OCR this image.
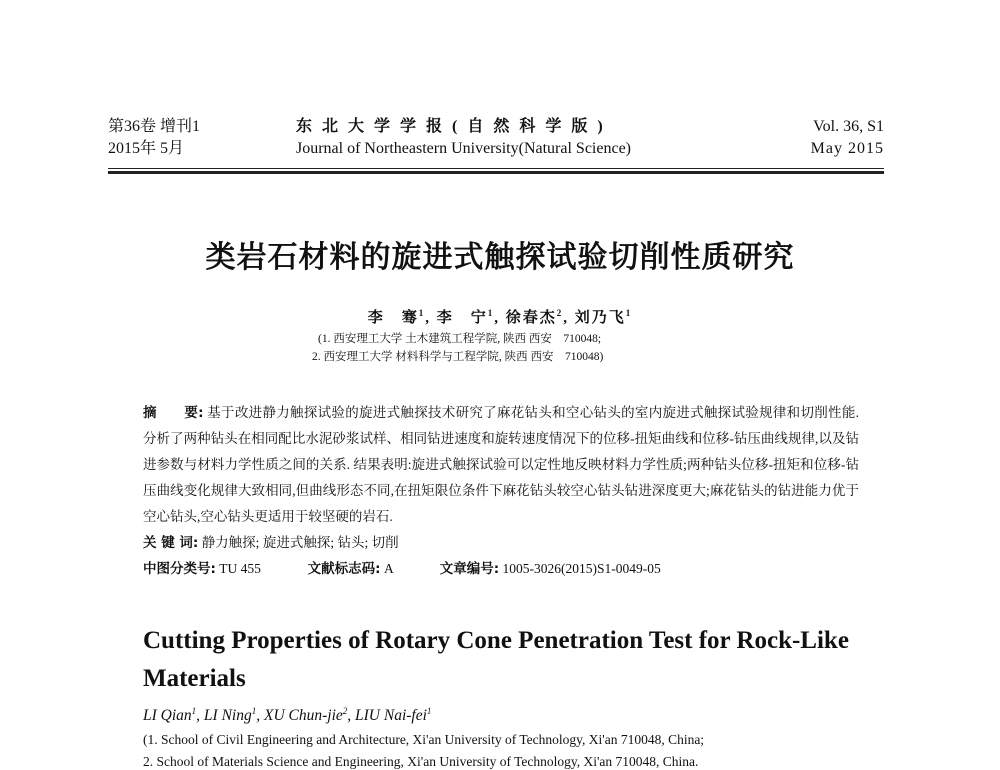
第36卷 增刊1
2015年 5月
东 北 大 学 学 报 ( 自 然 科 学 版 )
Journal of Northeastern University(Natural Science)
Vol. 36, S1
May 2015
类岩石材料的旋进式触探试验切削性质研究
李　骞$^1$, 李　宁$^1$, 徐春杰$^2$, 刘乃飞$^1$
(1. 西安理工大学 土木建筑工程学院, 陕西 西安　710048;
2. 西安理工大学 材料科学与工程学院, 陕西 西安　710048)
摘　　要: 基于改进静力触探试验的旋进式触探技术研究了麻花钻头和空心钻头的室内旋进式触探试验规律和切削性能. 分析了两种钻头在相同配比水泥砂浆试样、相同钻进速度和旋转速度情况下的位移-扭矩曲线和位移-钻压曲线规律,以及钻进参数与材料力学性质之间的关系. 结果表明:旋进式触探试验可以定性地反映材料力学性质;两种钻头位移-扭矩和位移-钻压曲线变化规律大致相同,但曲线形态不同,在扭矩限位条件下麻花钻头较空心钻头钻进深度更大;麻花钻头的钻进能力优于空心钻头,空心钻头更适用于较坚硬的岩石.
关 键 词: 静力触探; 旋进式触探; 钻头; 切削
中图分类号: TU 455	文献标志码: A	文章编号: 1005-3026(2015)S1-0049-05
Cutting Properties of Rotary Cone Penetration Test for Rock-Like Materials
LI Qian$^1$, LI Ning$^1$, XU Chun-jie$^2$, LIU Nai-fei$^1$
(1. School of Civil Engineering and Architecture, Xi'an University of Technology, Xi'an 710048, China;
2. School of Materials Science and Engineering, Xi'an University of Technology, Xi'an 710048, China.
